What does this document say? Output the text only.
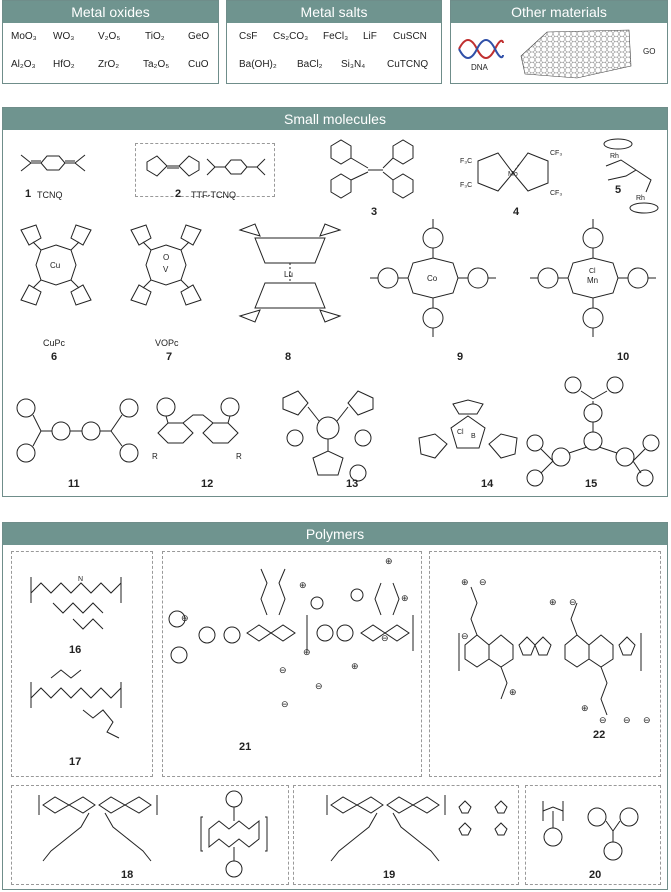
Metal oxides
MoO₃ WO₃ V₂O₅ TiO₂ GeO
Al₂O₃ HfO₂ ZrO₂ Ta₂O₅ CuO
Metal salts
CsF Cs₂CO₃ FeCl₃ LiF CuSCN
Ba(OH)₂ BaCl₂ Si₃N₄ CuTCNQ
Other materials
DNA
GO
Small molecules
1 TCNQ	2 TTF-TCNQ
3
Mo
F₃C
F₃C
CF₃
CF₃
4
Rh
Rh
5
Cu
CuPc
6
O
V
VOPc
7
Lu
8
Co
9
Cl
Mn
10
11
R	R
12	13
Cl
B
14	15
Polymers
N
16
17
⊕
⊕
⊕
⊕
⊕
⊕
⊖
⊖
⊖
⊖
21
⊕ ⊖
⊕ ⊖
⊖
⊕
⊕
⊖ ⊖ ⊖
22
18	19	20
